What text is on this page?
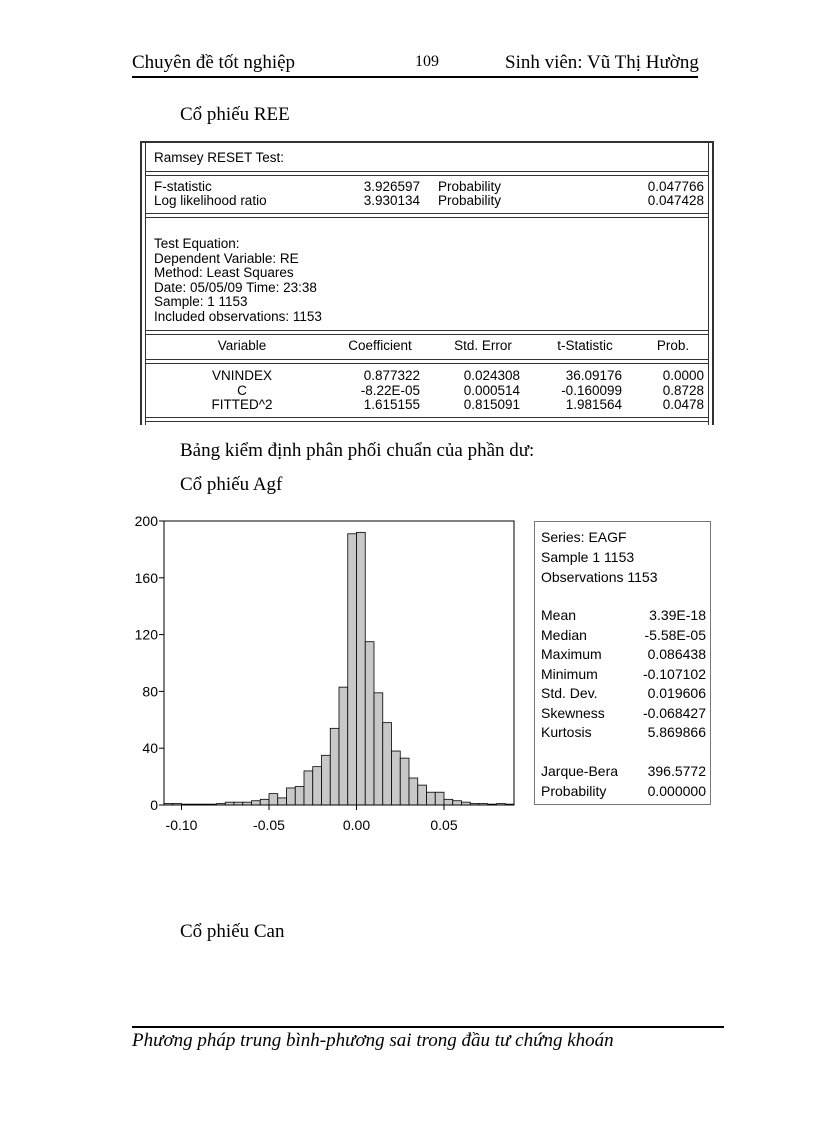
Chuyên đề tốt nghiệp	109	Sinh viên: Vũ Thị Hường
Cổ phiếu REE
Ramsey RESET Test:
F-statistic	3.926597 Probability	0.047766
Log likelihood ratio	3.930134 Probability	0.047428
Test Equation:
Dependent Variable: RE
Method: Least Squares
Date: 05/05/09 Time: 23:38
Sample: 1 1153
Included observations: 1153
Variable	Coefficient	Std. Error	t-Statistic	Prob.
VNINDEX	0.877322	0.024308	36.09176	0.0000
C	-8.22E-05	0.000514	-0.160099	0.8728
FITTED^2	1.615155	0.815091	1.981564	0.0478
Bảng kiểm định phân phối chuẩn của phần dư:
Cổ phiếu Agf
0
40
80
120
160
200
-0.10	-0.05	0.00	0.05
Series: EAGF
Sample 1 1153
Observations 1153
Mean	3.39E-18
Median	-5.58E-05
Maximum	0.086438
Minimum	-0.107102
Std. Dev.	0.019606
Skewness	-0.068427
Kurtosis	5.869866
Jarque-Bera 396.5772
Probability	0.000000
Cổ phiếu Can
Phương pháp trung bình-phương sai trong đầu tư chứng khoán
